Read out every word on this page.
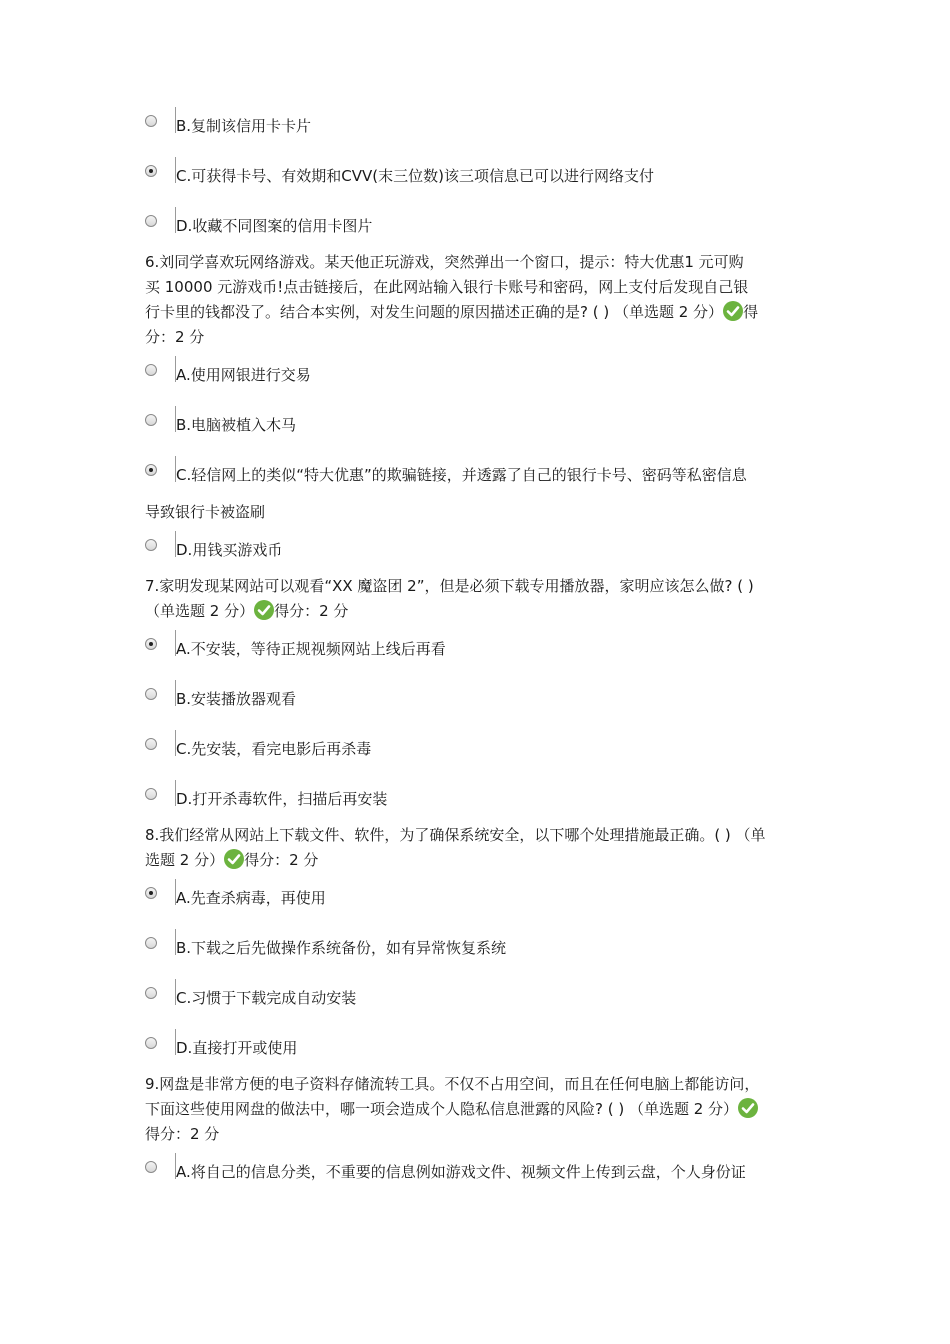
B.复制该信用卡卡片
C.可获得卡号、有效期和CVV(末三位数)该三项信息已可以进行网络支付
D.收藏不同图案的信用卡图片
6.刘同学喜欢玩网络游戏。某天他正玩游戏，突然弹出一个窗口，提示：特大优惠1 元可购
买 10000 元游戏币!点击链接后，在此网站输入银行卡账号和密码，网上支付后发现自己银
行卡里的钱都没了。结合本实例，对发生问题的原因描述正确的是? ( ) （单选题 2 分） 得
分：2 分
A.使用网银进行交易
B.电脑被植入木马
C.轻信网上的类似“特大优惠”的欺骗链接，并透露了自己的银行卡号、密码等私密信息
导致银行卡被盗刷
D.用钱买游戏币
7.家明发现某网站可以观看“XX 魔盗团 2”，但是必须下载专用播放器，家明应该怎么做? ( )
（单选题 2 分） 得分：2 分
A.不安装，等待正规视频网站上线后再看
B.安装播放器观看
C.先安装，看完电影后再杀毒
D.打开杀毒软件，扫描后再安装
8.我们经常从网站上下载文件、软件，为了确保系统安全，以下哪个处理措施最正确。( ) （单
选题 2 分） 得分：2 分
A.先查杀病毒，再使用
B.下载之后先做操作系统备份，如有异常恢复系统
C.习惯于下载完成自动安装
D.直接打开或使用
9.网盘是非常方便的电子资料存储流转工具。不仅不占用空间，而且在任何电脑上都能访问，
下面这些使用网盘的做法中，哪一项会造成个人隐私信息泄露的风险? ( ) （单选题 2 分）
得分：2 分
A.将自己的信息分类，不重要的信息例如游戏文件、视频文件上传到云盘，个人身份证
